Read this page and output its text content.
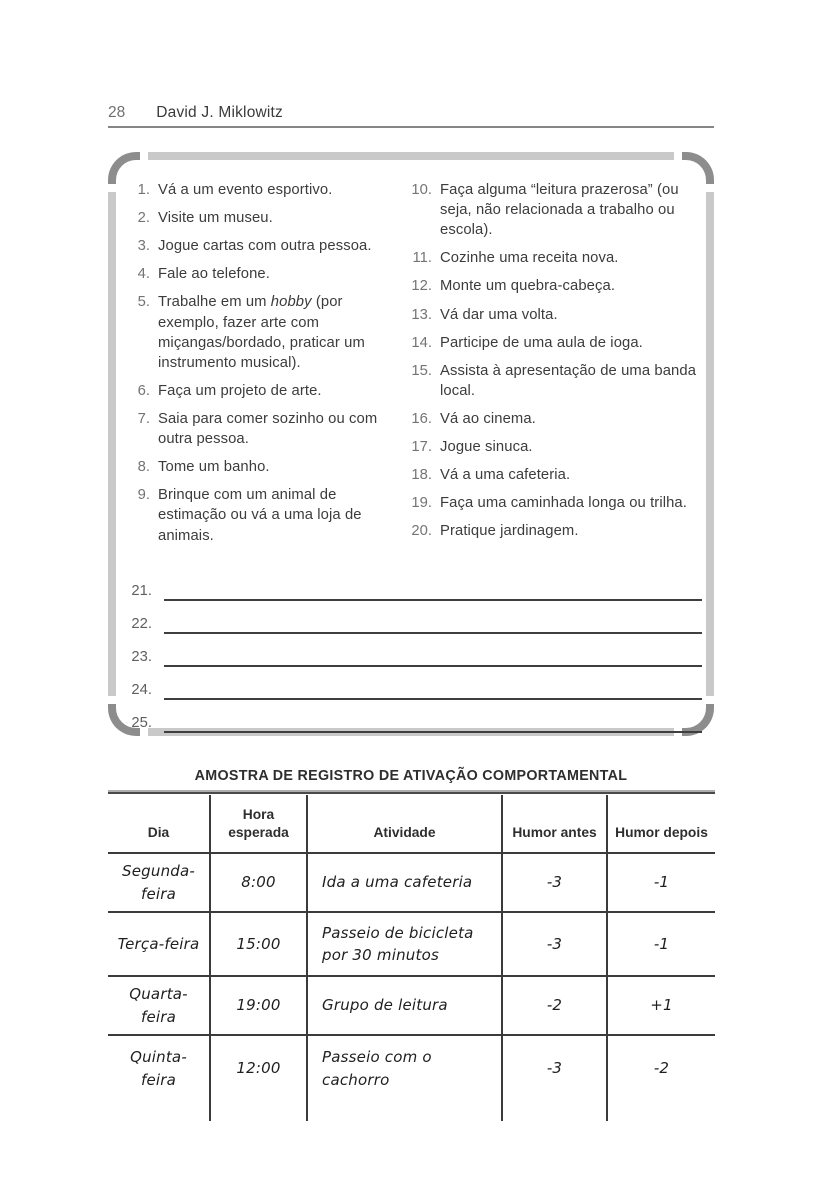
28 David J. Miklowitz
1. Vá a um evento esportivo.
2. Visite um museu.
3. Jogue cartas com outra pessoa.
4. Fale ao telefone.
5. Trabalhe em um hobby (por exemplo, fazer arte com miçangas/bordado, praticar um instrumento musical).
6. Faça um projeto de arte.
7. Saia para comer sozinho ou com outra pessoa.
8. Tome um banho.
9. Brinque com um animal de estimação ou vá a uma loja de animais.
10. Faça alguma “leitura prazerosa” (ou seja, não relacionada a trabalho ou escola).
11. Cozinhe uma receita nova.
12. Monte um quebra-cabeça.
13. Vá dar uma volta.
14. Participe de uma aula de ioga.
15. Assista à apresentação de uma banda local.
16. Vá ao cinema.
17. Jogue sinuca.
18. Vá a uma cafeteria.
19. Faça uma caminhada longa ou trilha.
20. Pratique jardinagem.
21.
22.
23.
24.
25.
AMOSTRA DE REGISTRO DE ATIVAÇÃO COMPORTAMENTAL
Dia	Hora esperada	Atividade	Humor antes	Humor depois
Segunda-feira	8:00	Ida a uma cafeteria	-3	-1
Terça-feira	15:00	Passeio de bicicleta por 30 minutos	-3	-1
Quarta-feira	19:00	Grupo de leitura	-2	+1
Quinta-feira	12:00	Passeio com o cachorro	-3	-2
